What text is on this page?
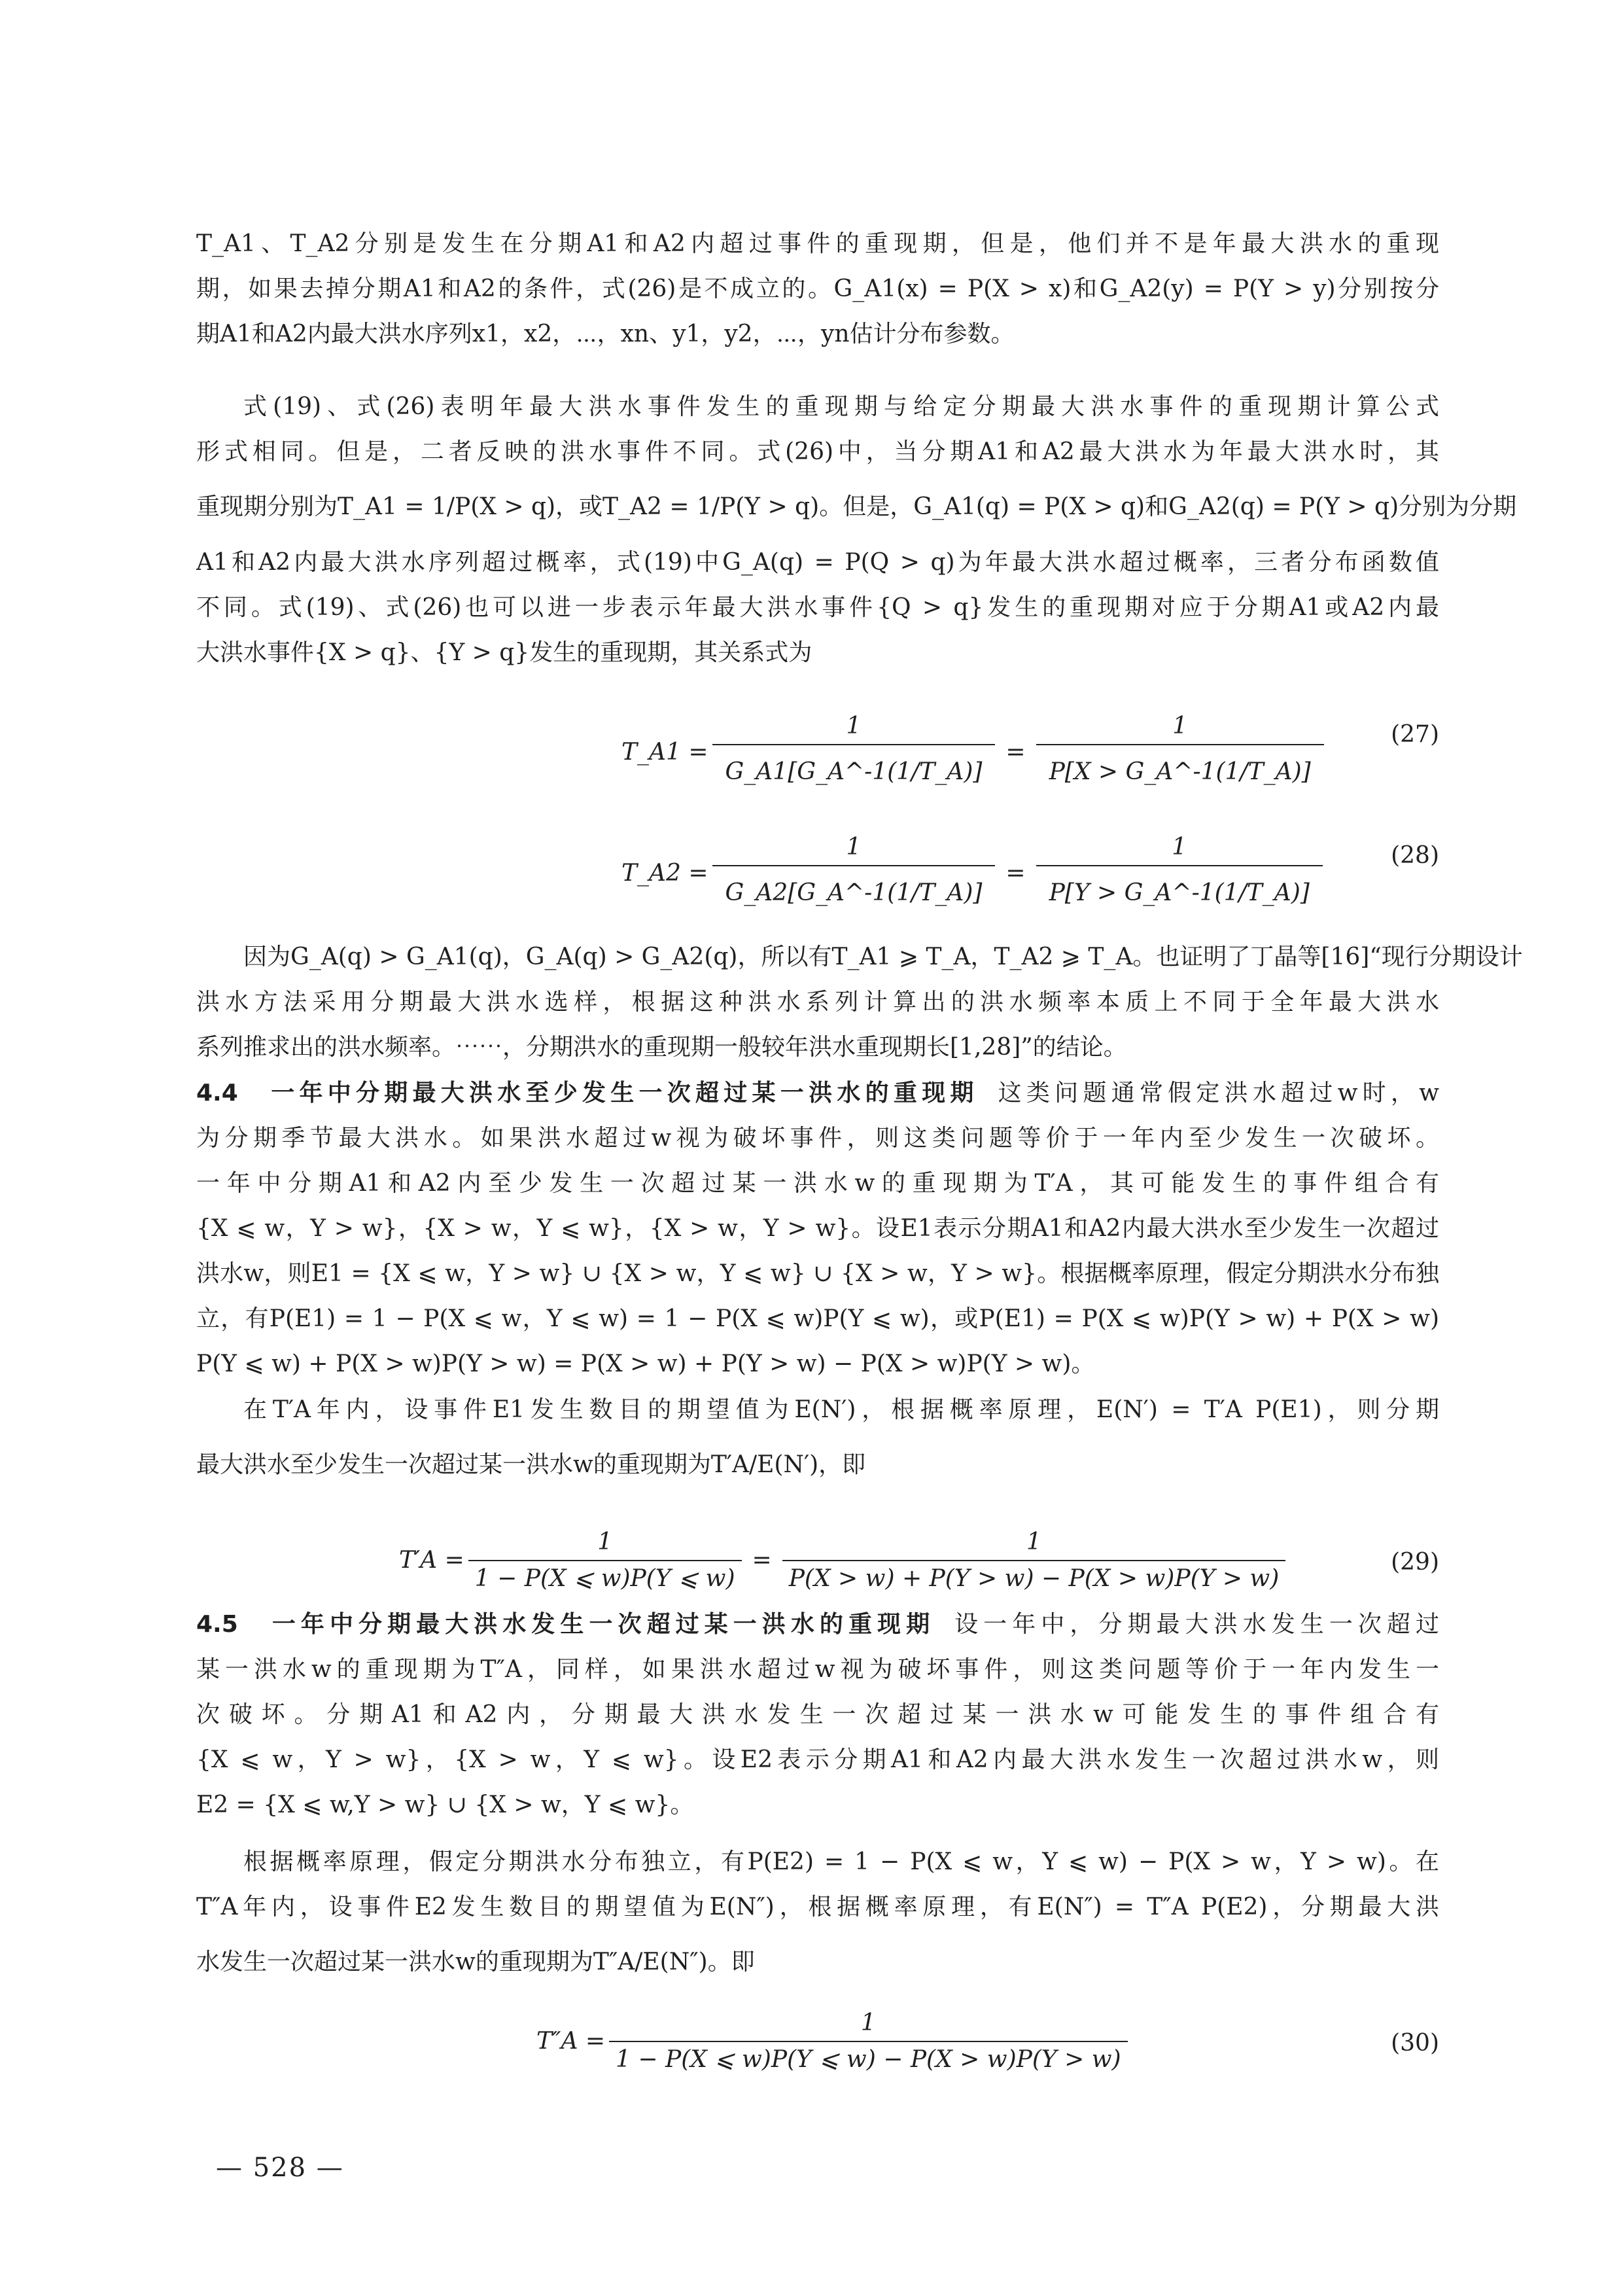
T_A1、T_A2分别是发生在分期A1和A2内超过事件的重现期，但是，他们并不是年最大洪水的重现
期，如果去掉分期A1和A2的条件，式(26)是不成立的。G_A1(x) = P(X > x)和G_A2(y) = P(Y > y)分别按分
期A1和A2内最大洪水序列x1，x2，⋯，xn、y1，y2，⋯，yn估计分布参数。
式(19)、式(26)表明年最大洪水事件发生的重现期与给定分期最大洪水事件的重现期计算公式
形式相同。但是，二者反映的洪水事件不同。式(26)中，当分期A1和A2最大洪水为年最大洪水时，其
重现期分别为T_A1 = 1/P(X > q)，或T_A2 = 1/P(Y > q)。但是，G_A1(q) = P(X > q)和G_A2(q) = P(Y > q)分别为分期
A1和A2内最大洪水序列超过概率，式(19)中G_A(q) = P(Q > q)为年最大洪水超过概率，三者分布函数值
不同。式(19)、式(26)也可以进一步表示年最大洪水事件{Q > q}发生的重现期对应于分期A1或A2内最
大洪水事件{X > q}、{Y > q}发生的重现期，其关系式为
T_A1 = $\frac{1}{G\_A1[G\_A\^{}-1(1/T\_A)]} = \frac{1}{P[X > G\_A\^{}-1(1/T\_A)]}$	(27)
T_A2 = $\frac{1}{G\_A2[G\_A\^{}-1(1/T\_A)]} = \frac{1}{P[Y > G\_A\^{}-1(1/T\_A)]}$	(28)
因为G_A(q) > G_A1(q)，G_A(q) > G_A2(q)，所以有T_A1 ⩾ T_A，T_A2 ⩾ T_A。也证明了丁晶等[16]“现行分期设计
洪水方法采用分期最大洪水选样，根据这种洪水系列计算出的洪水频率本质上不同于全年最大洪水
系列推求出的洪水频率。⋯⋯，分期洪水的重现期一般较年洪水重现期长[1,28]”的结论。
4.4　一年中分期最大洪水至少发生一次超过某一洪水的重现期 这类问题通常假定洪水超过w时，w
为分期季节最大洪水。如果洪水超过w视为破坏事件，则这类问题等价于一年内至少发生一次破坏。
一年中分期A1和A2内至少发生一次超过某一洪水w的重现期为T′A，其可能发生的事件组合有
{X ⩽ w，Y > w}，{X > w，Y ⩽ w}，{X > w，Y > w}。设E1表示分期A1和A2内最大洪水至少发生一次超过
洪水w，则E1 = {X ⩽ w，Y > w} ∪ {X > w，Y ⩽ w} ∪ {X > w，Y > w}。根据概率原理，假定分期洪水分布独
立，有P(E1) = 1 − P(X ⩽ w，Y ⩽ w) = 1 − P(X ⩽ w)P(Y ⩽ w)，或P(E1) = P(X ⩽ w)P(Y > w) + P(X > w)
P(Y ⩽ w) + P(X > w)P(Y > w) = P(X > w) + P(Y > w) − P(X > w)P(Y > w)。
在T′A年内，设事件E1发生数目的期望值为E(N′)，根据概率原理，E(N′) = T′A P(E1)，则分期
最大洪水至少发生一次超过某一洪水w的重现期为T′A/E(N′)，即
$T'A = \frac{1}{1 - P(X ⩽ w)P(Y ⩽ w)} = \frac{1}{P(X > w) + P(Y > w) - P(X > w)P(Y > w)}$	(29)
4.5　一年中分期最大洪水发生一次超过某一洪水的重现期 设一年中，分期最大洪水发生一次超过
某一洪水w的重现期为T″A，同样，如果洪水超过w视为破坏事件，则这类问题等价于一年内发生一
次破坏。分期A1和A2内，分期最大洪水发生一次超过某一洪水w可能发生的事件组合有
{X ⩽ w，Y > w}，{X > w，Y ⩽ w}。设E2表示分期A1和A2内最大洪水发生一次超过洪水w，则
E2 = {X ⩽ w,Y > w} ∪ {X > w，Y ⩽ w}。
根据概率原理，假定分期洪水分布独立，有P(E2) = 1 − P(X ⩽ w，Y ⩽ w) − P(X > w，Y > w)。在
T″A年内，设事件E2发生数目的期望值为E(N″)，根据概率原理，有E(N″) = T″A P(E2)，分期最大洪
水发生一次超过某一洪水w的重现期为T″A/E(N″)。即
$T''A = \frac{1}{1 - P(X ⩽ w)P(Y ⩽ w) - P(X > w)P(Y > w)}$	(30)
— 528 —
